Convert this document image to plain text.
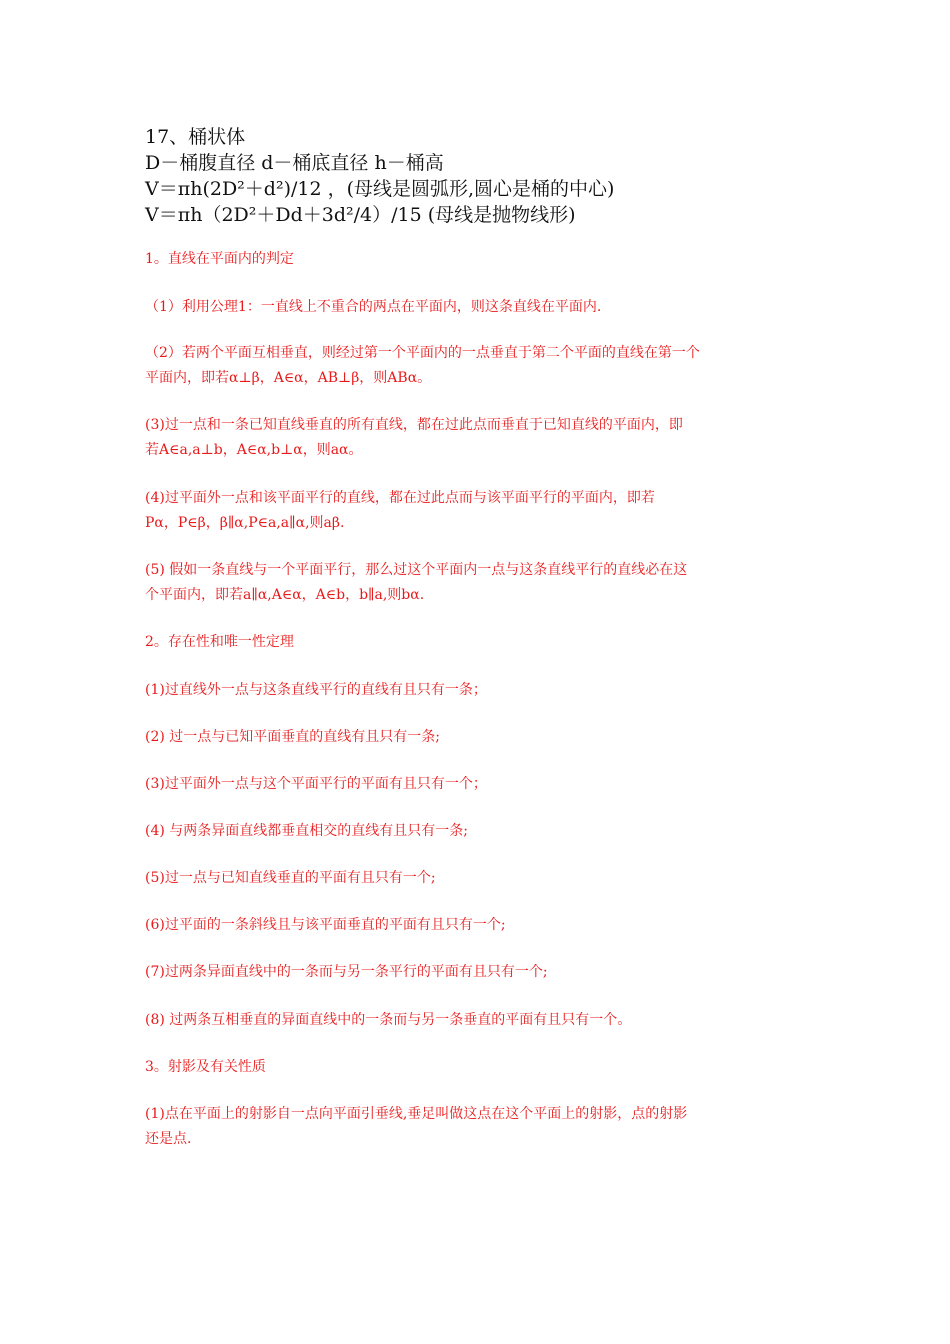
17、桶状体
D－桶腹直径 d－桶底直径 h－桶高
V＝πh(2D²＋d²)/12 ，(母线是圆弧形,圆心是桶的中心)
V＝πh（2D²＋Dd＋3d²/4）/15 (母线是抛物线形)
1。直线在平面内的判定
（1）利用公理1：一直线上不重合的两点在平面内，则这条直线在平面内.
（2）若两个平面互相垂直，则经过第一个平面内的一点垂直于第二个平面的直线在第一个
平面内，即若α⊥β，A∈α，AB⊥β，则ABα。
(3)过一点和一条已知直线垂直的所有直线，都在过此点而垂直于已知直线的平面内，即
若A∈a,a⊥b，A∈α,b⊥α，则aα。
(4)过平面外一点和该平面平行的直线，都在过此点而与该平面平行的平面内，即若
Pα，P∈β，β∥α,P∈a,a∥α,则aβ.
(5) 假如一条直线与一个平面平行，那么过这个平面内一点与这条直线平行的直线必在这
个平面内，即若a∥α,A∈α，A∈b，b∥a,则bα.
2。存在性和唯一性定理
(1)过直线外一点与这条直线平行的直线有且只有一条；
(2) 过一点与已知平面垂直的直线有且只有一条;
(3)过平面外一点与这个平面平行的平面有且只有一个；
(4) 与两条异面直线都垂直相交的直线有且只有一条;
(5)过一点与已知直线垂直的平面有且只有一个;
(6)过平面的一条斜线且与该平面垂直的平面有且只有一个;
(7)过两条异面直线中的一条而与另一条平行的平面有且只有一个;
(8) 过两条互相垂直的异面直线中的一条而与另一条垂直的平面有且只有一个。
3。射影及有关性质
(1)点在平面上的射影自一点向平面引垂线,垂足叫做这点在这个平面上的射影，点的射影
还是点.
